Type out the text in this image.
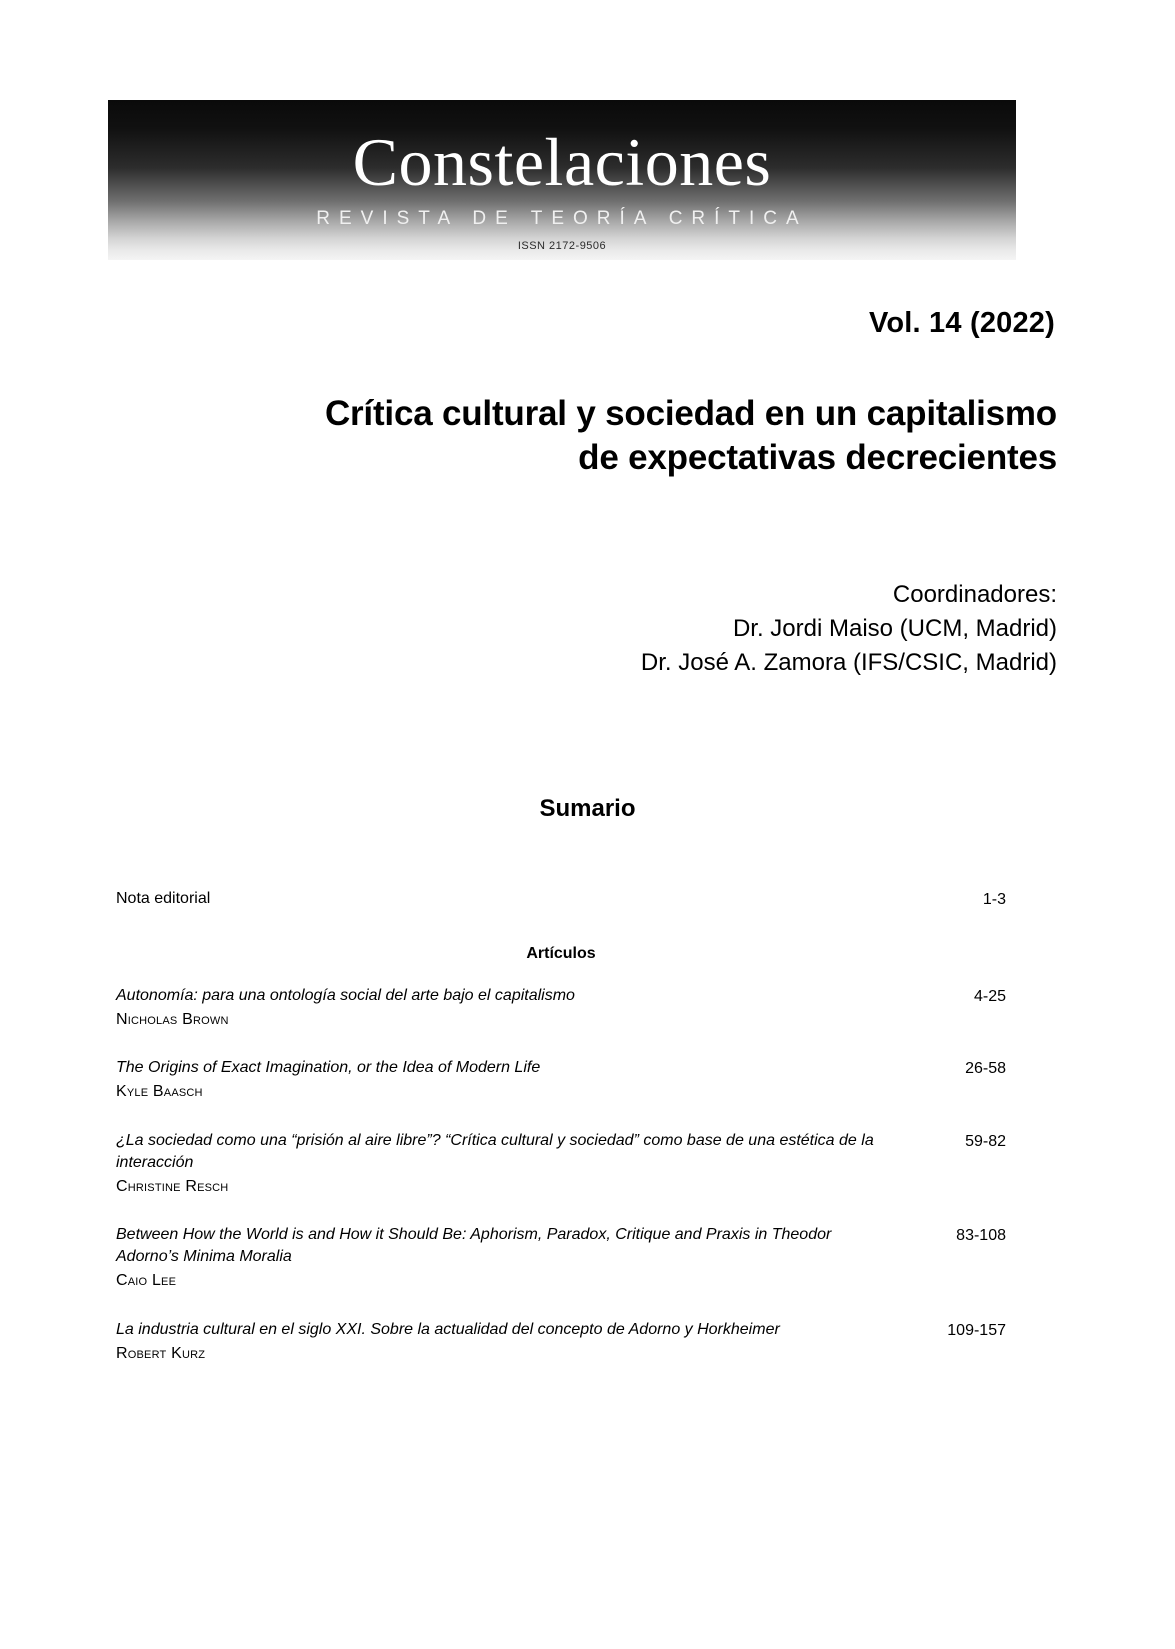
Constelaciones
REVISTA DE TEORÍA CRÍTICA
ISSN 2172-9506
Vol. 14 (2022)
Crítica cultural y sociedad en un capitalismo
de expectativas decrecientes
Coordinadores:
Dr. Jordi Maiso (UCM, Madrid)
Dr. José A. Zamora (IFS/CSIC, Madrid)
Sumario
Nota editorial	1-3
Artículos
Autonomía: para una ontología social del arte bajo el capitalismo
Nicholas Brown
4-25
The Origins of Exact Imagination, or the Idea of Modern Life
Kyle Baasch
26-58
¿La sociedad como una “prisión al aire libre”? “Crítica cultural y sociedad” como base de una estética de la interacción
Christine Resch
59-82
Between How the World is and How it Should Be: Aphorism, Paradox, Critique and Praxis in Theodor Adorno’s Minima Moralia
Caio Lee
83-108
La industria cultural en el siglo XXI. Sobre la actualidad del concepto de Adorno y Horkheimer
Robert Kurz
109-157
